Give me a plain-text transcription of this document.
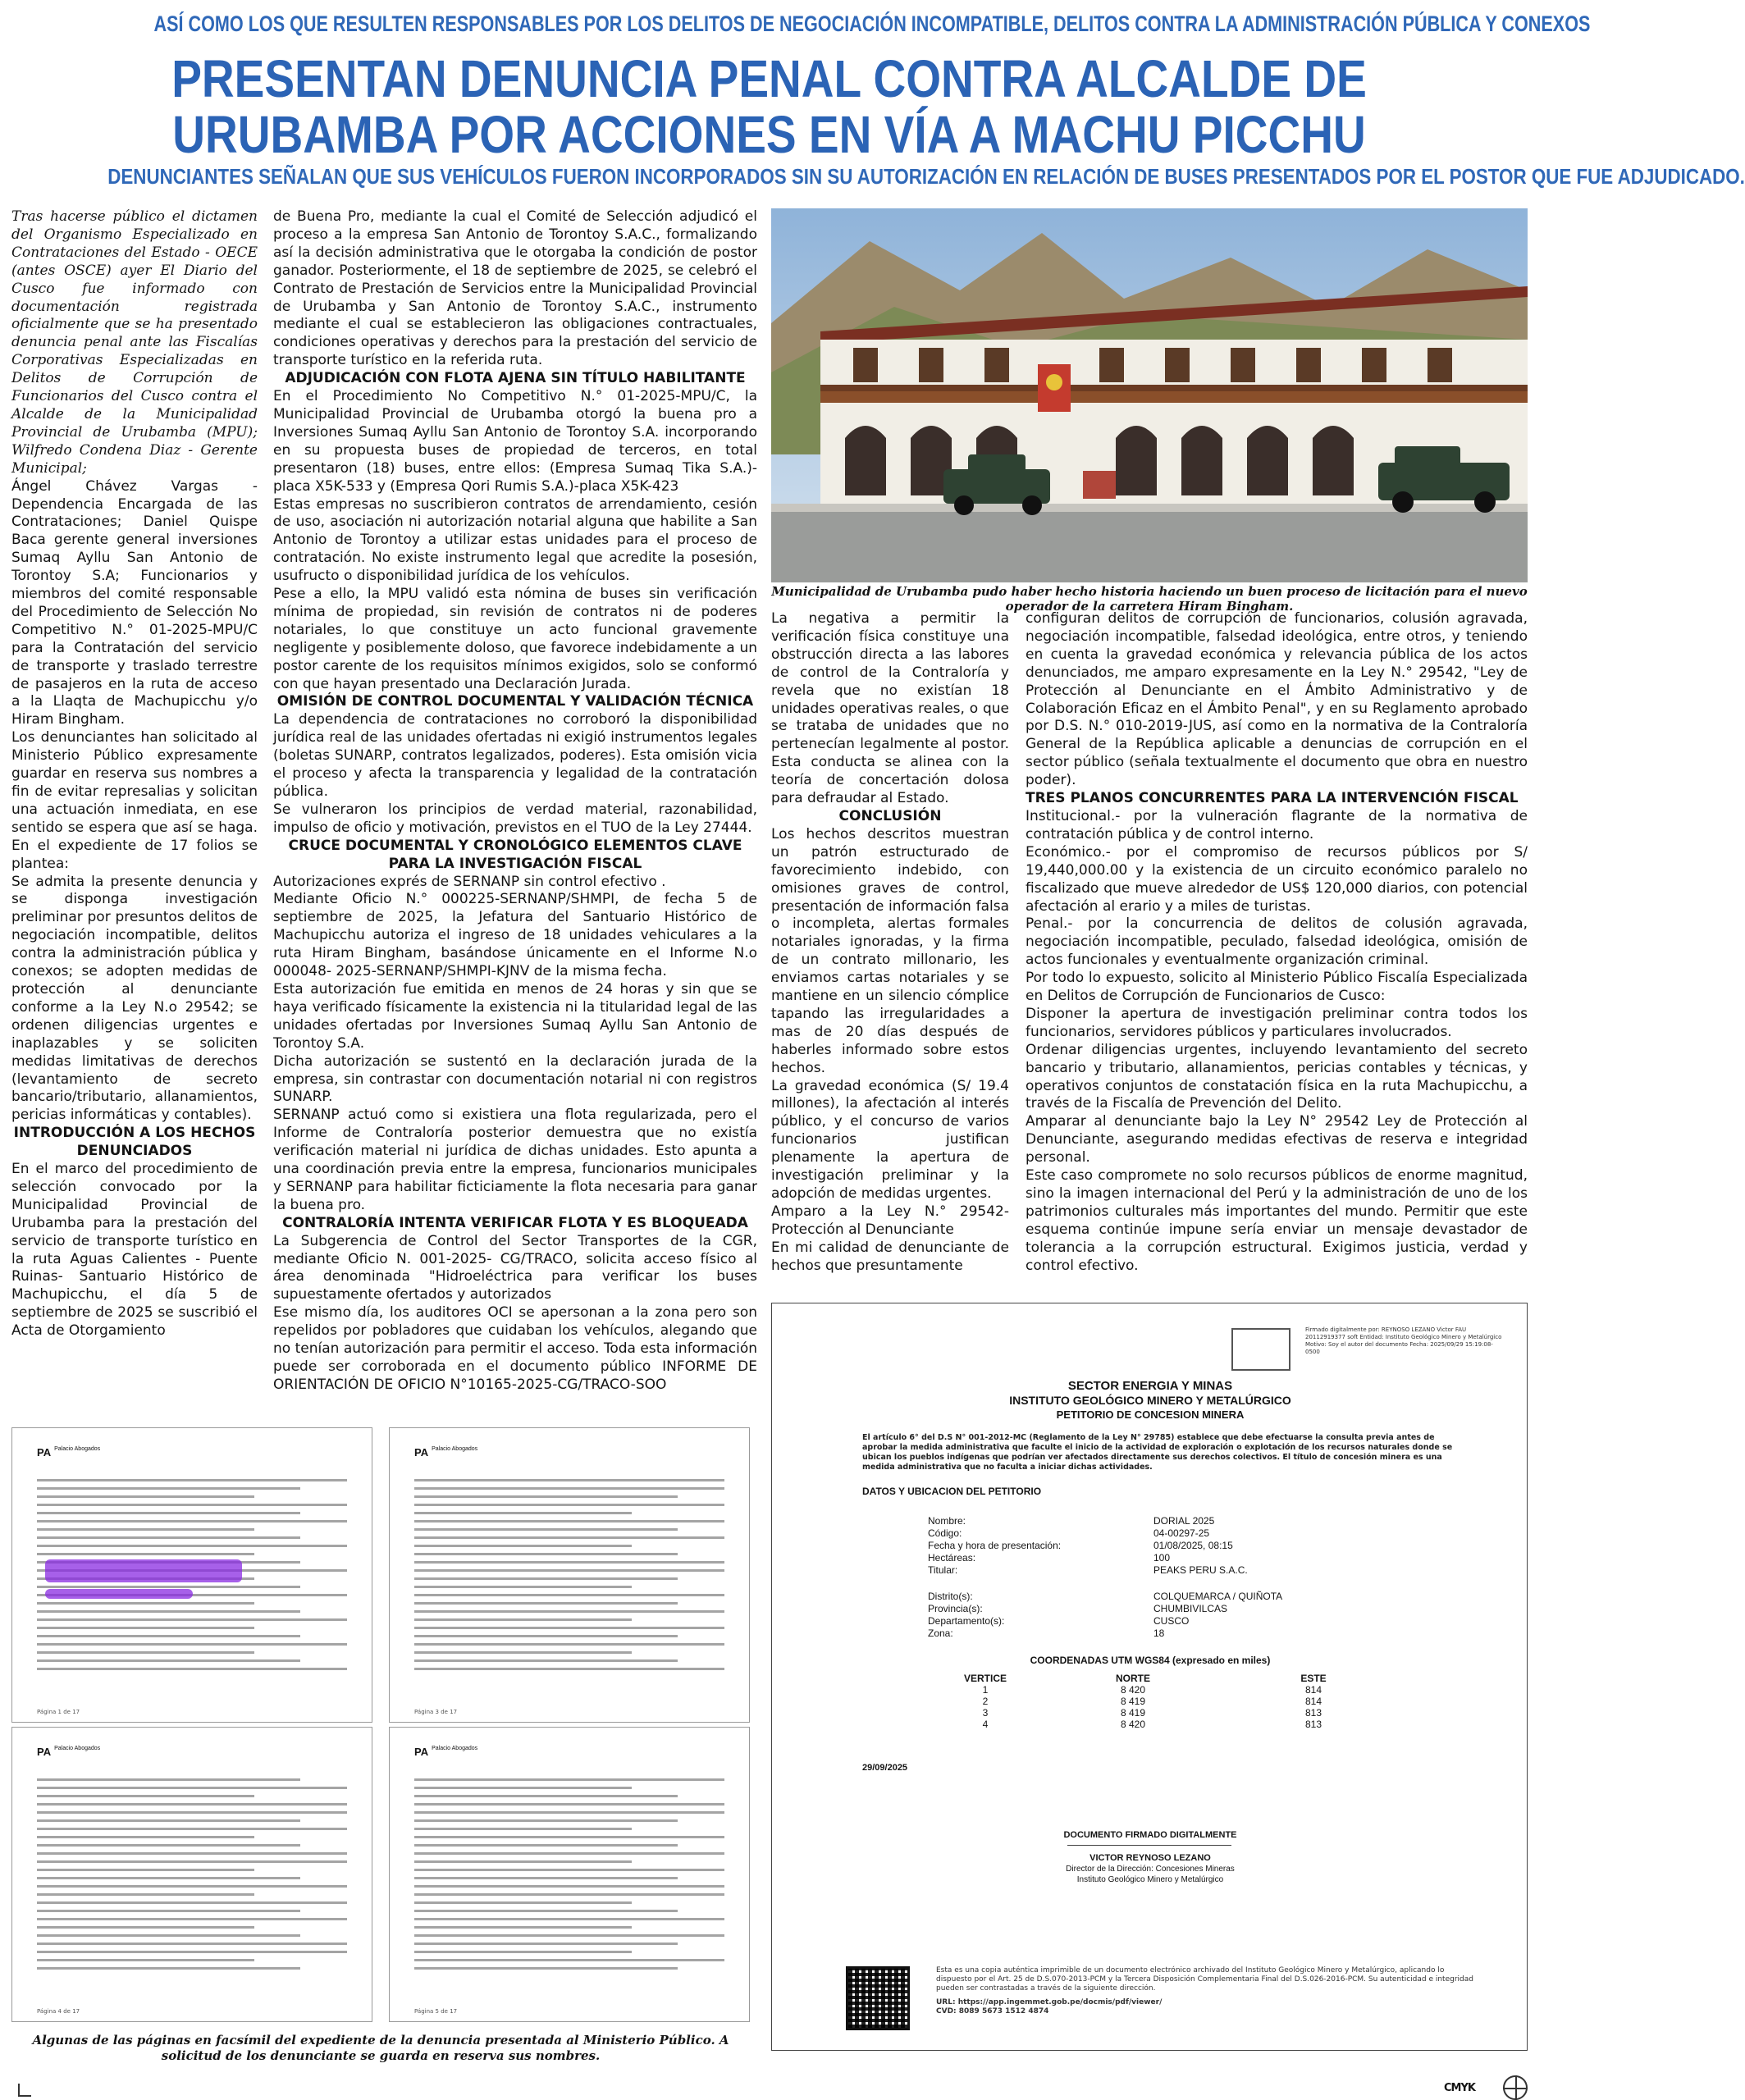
ASÍ COMO LOS QUE RESULTEN RESPONSABLES POR LOS DELITOS DE NEGOCIACIÓN INCOMPATIBLE, DELITOS CONTRA LA ADMINISTRACIÓN PÚBLICA Y CONEXOS
PRESENTAN DENUNCIA PENAL CONTRA ALCALDE DE
URUBAMBA POR ACCIONES EN VÍA A MACHU PICCHU
DENUNCIANTES SEÑALAN QUE SUS VEHÍCULOS FUERON INCORPORADOS SIN SU AUTORIZACIÓN EN RELACIÓN DE BUSES PRESENTADOS POR EL POSTOR QUE FUE ADJUDICADO.

Tras hacerse público el dictamen del Organismo Especializado en Contrataciones del Estado - OECE (antes OSCE) ayer El Diario del Cusco fue informado con documentación registrada oficialmente que se ha presentado denuncia penal ante las Fiscalías Corporativas Especializadas en Delitos de Corrupción de Funcionarios del Cusco contra el Alcalde de la Municipalidad Provincial de Urubamba (MPU); Wilfredo Condena Diaz - Gerente Municipal;

Ángel Chávez Vargas - Dependencia Encargada de las Contrataciones; Daniel Quispe Baca gerente general inversiones Sumaq Ayllu San Antonio de Torontoy S.A; Funcionarios y miembros del comité responsable del Procedimiento de Selección No Competitivo N.° 01-2025-MPU/C para la Contratación del servicio de transporte y traslado terrestre de pasajeros en la ruta de acceso a la Llaqta de Machupicchu y/o Hiram Bingham.

Los denunciantes han solicitado al Ministerio Público expresamente guardar en reserva sus nombres a fin de evitar represalias y solicitan una actuación inmediata, en ese sentido se espera que así se haga. En el expediente de 17 folios se plantea:

Se admita la presente denuncia y se disponga investigación preliminar por presuntos delitos de negociación incompatible, delitos contra la administración pública y conexos; se adopten medidas de protección al denunciante conforme a la Ley N.o 29542; se ordenen diligencias urgentes e inaplazables y se soliciten medidas limitativas de derechos (levantamiento de secreto bancario/tributario, allanamientos, pericias informáticas y contables).

INTRODUCCIÓN A LOS HECHOS DENUNCIADOS

En el marco del procedimiento de selección convocado por la Municipalidad Provincial de Urubamba para la prestación del servicio de transporte turístico en la ruta Aguas Calientes - Puente Ruinas- Santuario Histórico de Machupicchu, el día 5 de septiembre de 2025 se suscribió el Acta de Otorgamiento

de Buena Pro, mediante la cual el Comité de Selección adjudicó el proceso a la empresa San Antonio de Torontoy S.A.C., formalizando así la decisión administrativa que le otorgaba la condición de postor ganador. Posteriormente, el 18 de septiembre de 2025, se celebró el Contrato de Prestación de Servicios entre la Municipalidad Provincial de Urubamba y San Antonio de Torontoy S.A.C., instrumento mediante el cual se establecieron las obligaciones contractuales, condiciones operativas y derechos para la prestación del servicio de transporte turístico en la referida ruta.

ADJUDICACIÓN CON FLOTA AJENA SIN TÍTULO HABILITANTE

En el Procedimiento No Competitivo N.° 01-2025-MPU/C, la Municipalidad Provincial de Urubamba otorgó la buena pro a Inversiones Sumaq Ayllu San Antonio de Torontoy S.A. incorporando en su propuesta buses de propiedad de terceros, en total presentaron (18) buses, entre ellos: (Empresa Sumaq Tika S.A.)- placa X5K-533 y (Empresa Qori Rumis S.A.)-placa X5K-423

Estas empresas no suscribieron contratos de arrendamiento, cesión de uso, asociación ni autorización notarial alguna que habilite a San Antonio de Torontoy a utilizar estas unidades para el proceso de contratación. No existe instrumento legal que acredite la posesión, usufructo o disponibilidad jurídica de los vehículos.

Pese a ello, la MPU validó esta nómina de buses sin verificación mínima de propiedad, sin revisión de contratos ni de poderes notariales, lo que constituye un acto funcional gravemente negligente y posiblemente doloso, que favorece indebidamente a un postor carente de los requisitos mínimos exigidos, solo se conformó con que hayan presentado una Declaración Jurada.

OMISIÓN DE CONTROL DOCUMENTAL Y VALIDACIÓN TÉCNICA

La dependencia de contrataciones no corroboró la disponibilidad jurídica real de las unidades ofertadas ni exigió instrumentos legales (boletas SUNARP, contratos legalizados, poderes). Esta omisión vicia el proceso y afecta la transparencia y legalidad de la contratación pública.

Se vulneraron los principios de verdad material, razonabilidad, impulso de oficio y motivación, previstos en el TUO de la Ley 27444.

CRUCE DOCUMENTAL Y CRONOLÓGICO ELEMENTOS CLAVE PARA LA INVESTIGACIÓN FISCAL

Autorizaciones exprés de SERNANP sin control efectivo .

Mediante Oficio N.° 000225-SERNANP/SHMPI, de fecha 5 de septiembre de 2025, la Jefatura del Santuario Histórico de Machupicchu autoriza el ingreso de 18 unidades vehiculares a la ruta Hiram Bingham, basándose únicamente en el Informe N.o 000048- 2025-SERNANP/SHMPI-KJNV de la misma fecha.

Esta autorización fue emitida en menos de 24 horas y sin que se haya verificado físicamente la existencia ni la titularidad legal de las unidades ofertadas por Inversiones Sumaq Ayllu San Antonio de Torontoy S.A.

Dicha autorización se sustentó en la declaración jurada de la empresa, sin contrastar con documentación notarial ni con registros SUNARP.

SERNANP actuó como si existiera una flota regularizada, pero el Informe de Contraloría posterior demuestra que no existía verificación material ni jurídica de dichas unidades. Esto apunta a una coordinación previa entre la empresa, funcionarios municipales y SERNANP para habilitar ficticiamente la flota necesaria para ganar la buena pro.

CONTRALORÍA INTENTA VERIFICAR FLOTA Y ES BLOQUEADA

La Subgerencia de Control del Sector Transportes de la CGR, mediante Oficio N. 001-2025- CG/TRACO, solicita acceso físico al área denominada "Hidroeléctrica para verificar los buses supuestamente ofertados y autorizados

Ese mismo día, los auditores OCI se apersonan a la zona pero son repelidos por pobladores que cuidaban los vehículos, alegando que no tenían autorización para permitir el acceso. Toda esta información puede ser corroborada en el documento público INFORME DE ORIENTACIÓN DE OFICIO N°10165-2025-CG/TRACO-SOO

Municipalidad de Urubamba pudo haber hecho historia haciendo un buen proceso de licitación para el nuevo operador de la carretera Hiram Bingham.

La negativa a permitir la verificación física constituye una obstrucción directa a las labores de control de la Contraloría y revela que no existían 18 unidades operativas reales, o que se trataba de unidades que no pertenecían legalmente al postor. Esta conducta se alinea con la teoría de concertación dolosa para defraudar al Estado.

CONCLUSIÓN

Los hechos descritos muestran un patrón estructurado de favorecimiento indebido, con omisiones graves de control, presentación de información falsa o incompleta, alertas formales notariales ignoradas, y la firma de un contrato millonario, les enviamos cartas notariales y se mantiene en un silencio cómplice tapando las irregularidades a mas de 20 días después de haberles informado sobre estos hechos.

La gravedad económica (S/ 19.4 millones), la afectación al interés público, y el concurso de varios funcionarios justifican plenamente la apertura de investigación preliminar y la adopción de medidas urgentes.

Amparo a la Ley N.° 29542-Protección al Denunciante

En mi calidad de denunciante de hechos que presuntamente

configuran delitos de corrupción de funcionarios, colusión agravada, negociación incompatible, falsedad ideológica, entre otros, y teniendo en cuenta la gravedad económica y relevancia pública de los actos denunciados, me amparo expresamente en la Ley N.° 29542, "Ley de Protección al Denunciante en el Ámbito Administrativo y de Colaboración Eficaz en el Ámbito Penal", y en su Reglamento aprobado por D.S. N.° 010-2019-JUS, así como en la normativa de la Contraloría General de la República aplicable a denuncias de corrupción en el sector público (señala textualmente el documento que obra en nuestro poder).

TRES PLANOS CONCURRENTES PARA LA INTERVENCIÓN FISCAL

Institucional.- por la vulneración flagrante de la normativa de contratación pública y de control interno.

Económico.- por el compromiso de recursos públicos por S/ 19,440,000.00 y la existencia de un circuito económico paralelo no fiscalizado que mueve alrededor de US$ 120,000 diarios, con potencial afectación al erario y a miles de turistas.

Penal.- por la concurrencia de delitos de colusión agravada, negociación incompatible, peculado, falsedad ideológica, omisión de actos funcionales y eventualmente organización criminal.

Por todo lo expuesto, solicito al Ministerio Público Fiscalía Especializada en Delitos de Corrupción de Funcionarios de Cusco:

Disponer la apertura de investigación preliminar contra todos los funcionarios, servidores públicos y particulares involucrados.

Ordenar diligencias urgentes, incluyendo levantamiento del secreto bancario y tributario, allanamientos, pericias contables y técnicas, y operativos conjuntos de constatación física en la ruta Machupicchu, a través de la Fiscalía de Prevención del Delito.

Amparar al denunciante bajo la Ley N° 29542 Ley de Protección al Denunciante, asegurando medidas efectivas de reserva e integridad personal.

Este caso compromete no solo recursos públicos de enorme magnitud, sino la imagen internacional del Perú y la administración de uno de los patrimonios culturales más importantes del mundo. Permitir que este esquema continúe impune sería enviar un mensaje devastador de tolerancia a la corrupción estructural. Exigimos justicia, verdad y control efectivo.

PA Palacio Abogados
Página 1 de 17
PA Palacio Abogados
Página 3 de 17
PA Palacio Abogados
Página 4 de 17
PA Palacio Abogados
Página 5 de 17
Algunas de las páginas en facsímil del expediente de la denuncia presentada al Ministerio Público. A solicitud de los denunciante se guarda en reserva sus nombres.
Firmado digitalmente por: REYNOSO LEZANO Victor FAU 20112919377 soft Entidad: Instituto Geológico Minero y Metalúrgico Motivo: Soy el autor del documento Fecha: 2025/09/29 15:19:08-0500
SECTOR ENERGIA Y MINAS
INSTITUTO GEOLÓGICO MINERO Y METALÚRGICO
PETITORIO DE CONCESION MINERA
El artículo 6° del D.S N° 001-2012-MC (Reglamento de la Ley N° 29785) establece que debe efectuarse la consulta previa antes de aprobar la medida administrativa que faculte el inicio de la actividad de exploración o explotación de los recursos naturales donde se ubican los pueblos indígenas que podrían ver afectados directamente sus derechos colectivos. El título de concesión minera es una medida administrativa que no faculta a iniciar dichas actividades.
DATOS Y UBICACION DEL PETITORIO
Nombre:	DORIAL 2025
Código:	04-00297-25
Fecha y hora de presentación:	01/08/2025, 08:15
Hectáreas:	100
Titular:	PEAKS PERU S.A.C.
Distrito(s):	COLQUEMARCA / QUIÑOTA
Provincia(s):	CHUMBIVILCAS
Departamento(s):	CUSCO
Zona:	18
COORDENADAS UTM WGS84 (expresado en miles)
VERTICE	NORTE	ESTE
1	8 420	814
2	8 419	814
3	8 419	813
4	8 420	813
29/09/2025
DOCUMENTO FIRMADO DIGITALMENTE
VICTOR REYNOSO LEZANO
Director de la Dirección: Concesiones Mineras
Instituto Geológico Minero y Metalúrgico
Esta es una copia auténtica imprimible de un documento electrónico archivado del Instituto Geológico Minero y Metalúrgico, aplicando lo dispuesto por el Art. 25 de D.S.070-2013-PCM y la Tercera Disposición Complementaria Final del D.S.026-2016-PCM. Su autenticidad e integridad pueden ser contrastadas a través de la siguiente dirección.
URL: https://app.ingemmet.gob.pe/docmis/pdf/viewer/
CVD: 8089 5673 1512 4874
CMYK
